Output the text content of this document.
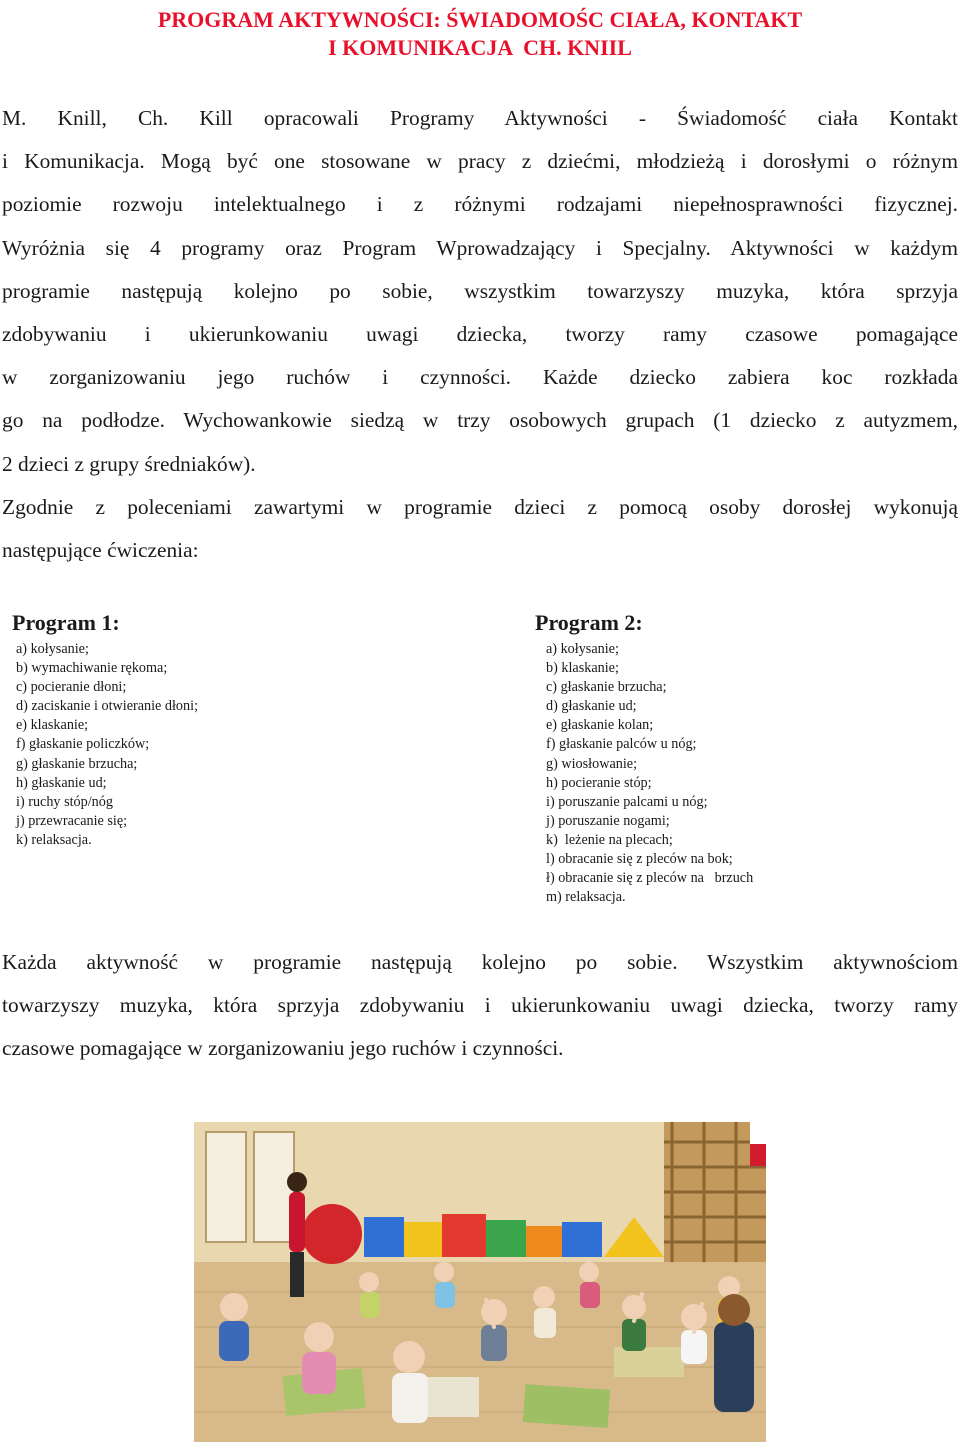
PROGRAM AKTYWNOŚCI: ŚWIADOMOŚC CIAŁA, KONTAKT
I KOMUNIKACJA  CH. KNIIL
M. Knill, Ch. Kill opracowali Programy Aktywności - Świadomość ciała Kontakt
i Komunikacja. Mogą być one stosowane w pracy z dziećmi, młodzieżą i dorosłymi o różnym
poziomie rozwoju intelektualnego i z różnymi rodzajami niepełnosprawności fizycznej.
Wyróżnia się 4 programy oraz Program Wprowadzający i Specjalny. Aktywności w każdym
programie następują kolejno po sobie, wszystkim towarzyszy muzyka, która sprzyja
zdobywaniu i ukierunkowaniu uwagi dziecka, tworzy ramy czasowe pomagające
w zorganizowaniu jego ruchów i czynności. Każde dziecko zabiera koc rozkłada
go na podłodze. Wychowankowie siedzą w trzy osobowych grupach (1 dziecko z autyzmem,
2 dzieci z grupy średniaków).
Zgodnie z poleceniami zawartymi w programie dzieci z pomocą osoby dorosłej wykonują
następujące ćwiczenia:
Program 1:
a) kołysanie;
b) wymachiwanie rękoma;
c) pocieranie dłoni;
d) zaciskanie i otwieranie dłoni;
e) klaskanie;
f) głaskanie policzków;
g) głaskanie brzucha;
h) głaskanie ud;
i) ruchy stóp/nóg
j) przewracanie się;
k) relaksacja.
Program 2:
a) kołysanie;
b) klaskanie;
c) głaskanie brzucha;
d) głaskanie ud;
e) głaskanie kolan;
f) głaskanie palców u nóg;
g) wiosłowanie;
h) pocieranie stóp;
i) poruszanie palcami u nóg;
j) poruszanie nogami;
k)  leżenie na plecach;
l) obracanie się z pleców na bok;
ł) obracanie się z pleców na   brzuch
m) relaksacja.
Każda aktywność w programie następują kolejno po sobie. Wszystkim aktywnościom
towarzyszy muzyka, która sprzyja zdobywaniu i ukierunkowaniu uwagi dziecka, tworzy ramy
czasowe pomagające w zorganizowaniu jego ruchów i czynności.
